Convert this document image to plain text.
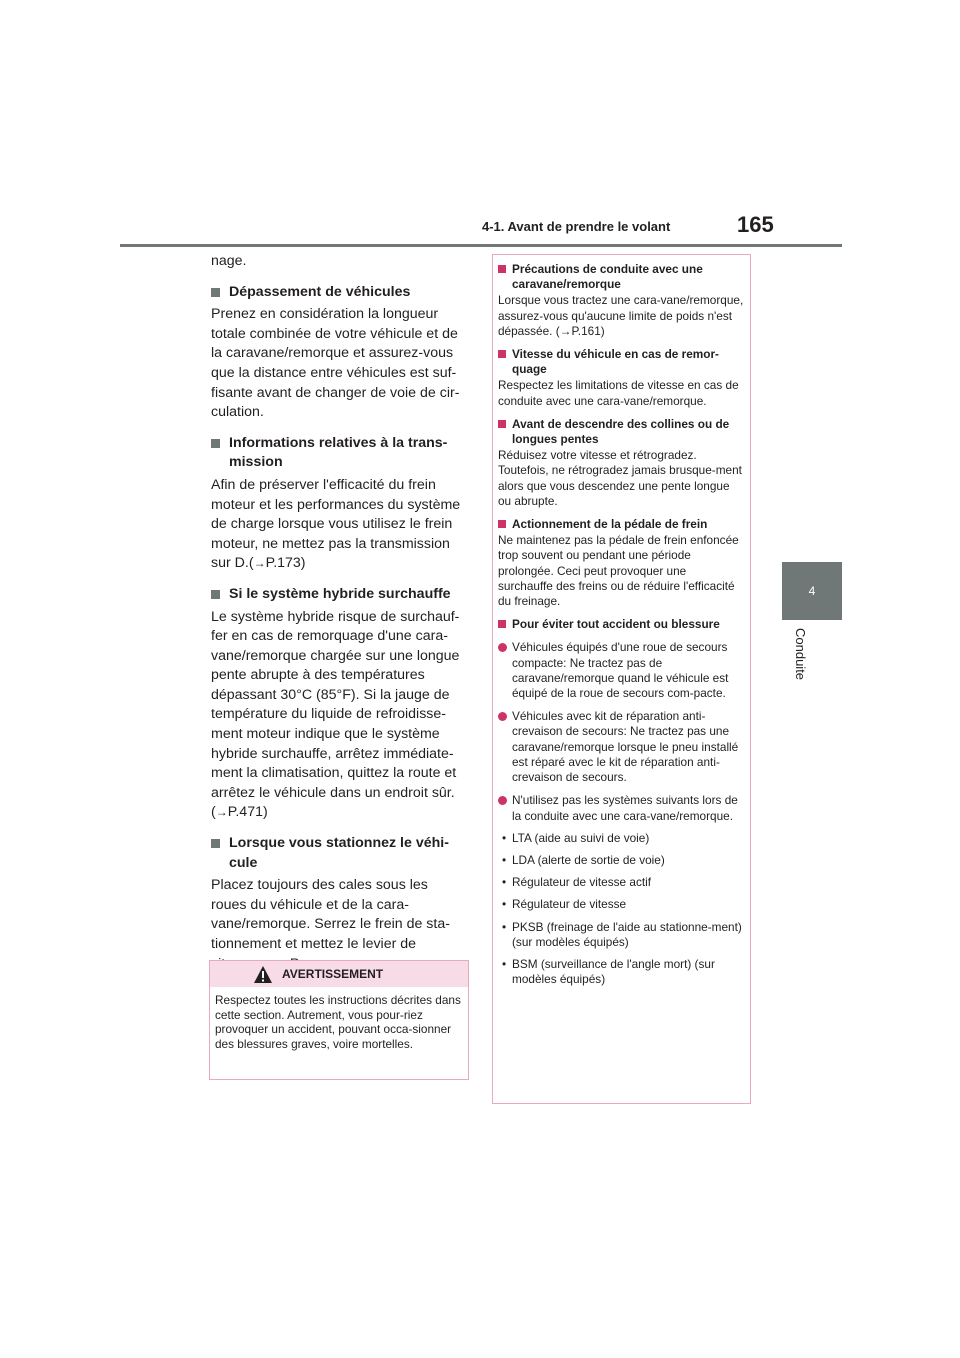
4-1. Avant de prendre le volant	165
4
Conduite

nage.

Dépassement de véhicules

Prenez en considération la longueur totale combinée de votre véhicule et de la caravane/remorque et assurez-vous que la distance entre véhicules est suf-fisante avant de changer de voie de cir-culation.

Informations relatives à la trans-mission

Afin de préserver l'efficacité du frein moteur et les performances du système de charge lorsque vous utilisez le frein moteur, ne mettez pas la transmission sur D.(→P.173)

Si le système hybride surchauffe

Le système hybride risque de surchauf-fer en cas de remorquage d'une cara-vane/remorque chargée sur une longue pente abrupte à des températures dépassant 30°C (85°F). Si la jauge de température du liquide de refroidisse-ment moteur indique que le système hybride surchauffe, arrêtez immédiate-ment la climatisation, quittez la route et arrêtez le véhicule dans un endroit sûr. (→P.471)

Lorsque vous stationnez le véhi-cule

Placez toujours des cales sous les roues du véhicule et de la cara-vane/remorque. Serrez le frein de sta-tionnement et mettez le levier de

AVERTISSEMENT
Respectez toutes les instructions décrites dans cette section. Autrement, vous pour-riez provoquer un accident, pouvant occa-sionner des blessures graves, voire mortelles.
Précautions de conduite avec une caravane/remorque

Lorsque vous tractez une cara-vane/remorque, assurez-vous qu'aucune limite de poids n'est dépassée. (→P.161)

Vitesse du véhicule en cas de remor-quage

Respectez les limitations de vitesse en cas de conduite avec une cara-vane/remorque.

Avant de descendre des collines ou de longues pentes

Réduisez votre vitesse et rétrogradez. Toutefois, ne rétrogradez jamais brusque-ment alors que vous descendez une pente longue ou abrupte.

Actionnement de la pédale de frein

Ne maintenez pas la pédale de frein enfoncée trop souvent ou pendant une période prolongée. Ceci peut provoquer une surchauffe des freins ou de réduire l'efficacité du freinage.

Pour éviter tout accident ou blessure
Véhicules équipés d'une roue de secours compacte: Ne tractez pas de caravane/remorque quand le véhicule est équipé de la roue de secours com-pacte.
Véhicules avec kit de réparation anti-crevaison de secours: Ne tractez pas une caravane/remorque lorsque le pneu installé est réparé avec le kit de réparation anti-crevaison de secours.
N'utilisez pas les systèmes suivants lors de la conduite avec une cara-vane/remorque.
• LTA (aide au suivi de voie)
• LDA (alerte de sortie de voie)
• Régulateur de vitesse actif
• Régulateur de vitesse
• PKSB (freinage de l'aide au stationne-ment) (sur modèles équipés)
• BSM (surveillance de l'angle mort) (sur modèles équipés)
